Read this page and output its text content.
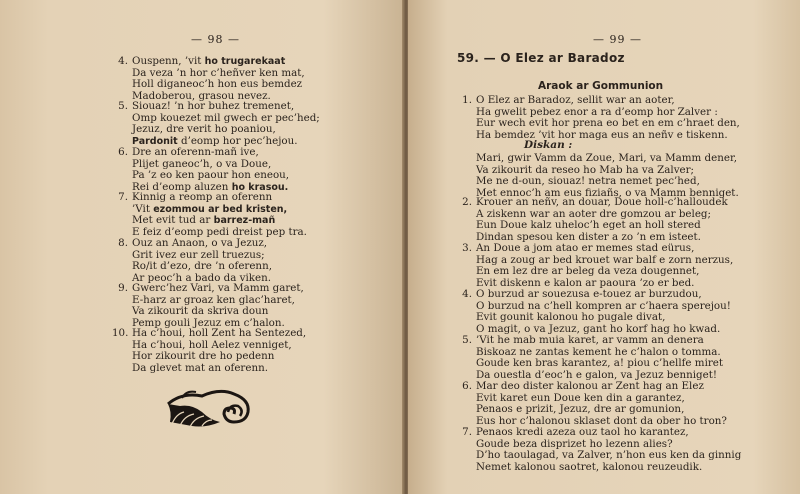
— 98 —
4. Ouspenn, ’vit ho trugarekaat
Da veza ’n hor c’heñver ken mat,
Holl diganeoc’h hon eus bemdez
Madoberou, grasou nevez.
5. Siouaz! ’n hor buhez tremenet,
Omp kouezet mil gwech er pec’hed;
Jezuz, dre verit ho poaniou,
Pardonit d’eomp hor pec’hejou.
6. Dre an oferenn-mañ ive,
Plijet ganeoc’h, o va Doue,
Pa ’z eo ken paour hon eneou,
Rei d’eomp aluzen ho krasou.
7. Kinnig a reomp an oferenn
’Vit ezommou ar bed kristen,
Met evit tud ar barrez-mañ
E feiz d’eomp pedi dreist pep tra.
8. Ouz an Anaon, o va Jezuz,
Grit ivez eur zell truezus;
Ro/it d’ezo, dre ’n oferenn,
Ar peoc’h a bado da viken.
9. Gwerc’hez Vari, va Mamm garet,
E-harz ar groaz ken glac’haret,
Va zikourit da skriva doun
Pemp gouli Jezuz em c’halon.
10. Ha c’houi, holl Zent ha Sentezed,
Ha c’houi, holl Aelez venniget,
Hor zikourit dre ho pedenn
Da glevet mat an oferenn.
— 99 —
59. — O Elez ar Baradoz
Araok ar Gommunion
Diskan :
1. O Elez ar Baradoz, sellit war an aoter,
Ha gwelit pebez enor a ra d’eomp hor Zalver :
Eur wech evit hor prena eo bet en em c’hraet den,
Ha bemdez ’vit hor maga eus an neñv e tiskenn.
Mari, gwir Vamm da Zoue, Mari, va Mamm dener,
Va zikourit da reseo ho Mab ha va Zalver;
Me ne d-oun, siouaz! netra nemet pec’hed,
Met ennoc’h am eus fiziañs, o va Mamm benniget.
2. Krouer an neñv, an douar, Doue holl-c’halloudek
A ziskenn war an aoter dre gomzou ar beleg;
Eun Doue kalz uheloc’h eget an holl stered
Dindan spesou ken dister a zo ’n em isteet.
3. An Doue a jom atao er memes stad eürus,
Hag a zoug ar bed krouet war balf e zorn nerzus,
En em lez dre ar beleg da veza dougennet,
Evit diskenn e kalon ar paoura ’zo er bed.
4. O burzud ar souezusa e-touez ar burzudou,
O burzud na c’hell kompren ar c’haera sperejou!
Evit gounit kalonou ho pugale divat,
O magit, o va Jezuz, gant ho korf hag ho kwad.
5. ’Vit he mab muia karet, ar vamm an denera
Biskoaz ne zantas kement he c’halon o tomma.
Goude ken bras karantez, a! piou c’hellfe miret
Da ouestla d’eoc’h e galon, va Jezuz benniget!
6. Mar deo dister kalonou ar Zent hag an Elez
Evit karet eun Doue ken din a garantez,
Penaos e prizit, Jezuz, dre ar gomunion,
Eus hor c’halonou sklaset dont da ober ho tron?
7. Penaos kredi azeza ouz taol ho karantez,
Goude beza disprizet ho lezenn alies?
D’ho taoulagad, va Zalver, n’hon eus ken da ginnig
Nemet kalonou saotret, kalonou reuzeudik.
